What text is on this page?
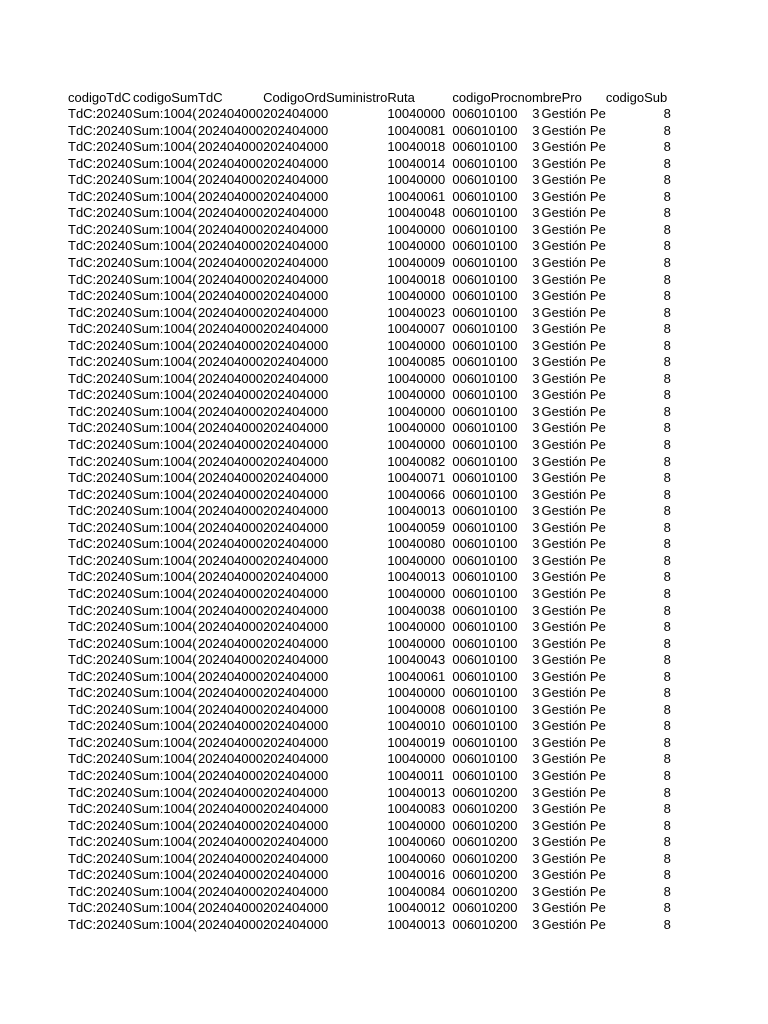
codigoTdC	codigoSum	TdC	CodigoOrdSuministro	Ruta	codigoProc	nombrePro	codigoSub
TdC:20240	Sum:1004(	202404000	202404000	10040000	006010100	3 Gestión Pe	8
TdC:20240	Sum:1004(	202404000	202404000	10040081	006010100	3 Gestión Pe	8
TdC:20240	Sum:1004(	202404000	202404000	10040018	006010100	3 Gestión Pe	8
TdC:20240	Sum:1004(	202404000	202404000	10040014	006010100	3 Gestión Pe	8
TdC:20240	Sum:1004(	202404000	202404000	10040000	006010100	3 Gestión Pe	8
TdC:20240	Sum:1004(	202404000	202404000	10040061	006010100	3 Gestión Pe	8
TdC:20240	Sum:1004(	202404000	202404000	10040048	006010100	3 Gestión Pe	8
TdC:20240	Sum:1004(	202404000	202404000	10040000	006010100	3 Gestión Pe	8
TdC:20240	Sum:1004(	202404000	202404000	10040000	006010100	3 Gestión Pe	8
TdC:20240	Sum:1004(	202404000	202404000	10040009	006010100	3 Gestión Pe	8
TdC:20240	Sum:1004(	202404000	202404000	10040018	006010100	3 Gestión Pe	8
TdC:20240	Sum:1004(	202404000	202404000	10040000	006010100	3 Gestión Pe	8
TdC:20240	Sum:1004(	202404000	202404000	10040023	006010100	3 Gestión Pe	8
TdC:20240	Sum:1004(	202404000	202404000	10040007	006010100	3 Gestión Pe	8
TdC:20240	Sum:1004(	202404000	202404000	10040000	006010100	3 Gestión Pe	8
TdC:20240	Sum:1004(	202404000	202404000	10040085	006010100	3 Gestión Pe	8
TdC:20240	Sum:1004(	202404000	202404000	10040000	006010100	3 Gestión Pe	8
TdC:20240	Sum:1004(	202404000	202404000	10040000	006010100	3 Gestión Pe	8
TdC:20240	Sum:1004(	202404000	202404000	10040000	006010100	3 Gestión Pe	8
TdC:20240	Sum:1004(	202404000	202404000	10040000	006010100	3 Gestión Pe	8
TdC:20240	Sum:1004(	202404000	202404000	10040000	006010100	3 Gestión Pe	8
TdC:20240	Sum:1004(	202404000	202404000	10040082	006010100	3 Gestión Pe	8
TdC:20240	Sum:1004(	202404000	202404000	10040071	006010100	3 Gestión Pe	8
TdC:20240	Sum:1004(	202404000	202404000	10040066	006010100	3 Gestión Pe	8
TdC:20240	Sum:1004(	202404000	202404000	10040013	006010100	3 Gestión Pe	8
TdC:20240	Sum:1004(	202404000	202404000	10040059	006010100	3 Gestión Pe	8
TdC:20240	Sum:1004(	202404000	202404000	10040080	006010100	3 Gestión Pe	8
TdC:20240	Sum:1004(	202404000	202404000	10040000	006010100	3 Gestión Pe	8
TdC:20240	Sum:1004(	202404000	202404000	10040013	006010100	3 Gestión Pe	8
TdC:20240	Sum:1004(	202404000	202404000	10040000	006010100	3 Gestión Pe	8
TdC:20240	Sum:1004(	202404000	202404000	10040038	006010100	3 Gestión Pe	8
TdC:20240	Sum:1004(	202404000	202404000	10040000	006010100	3 Gestión Pe	8
TdC:20240	Sum:1004(	202404000	202404000	10040000	006010100	3 Gestión Pe	8
TdC:20240	Sum:1004(	202404000	202404000	10040043	006010100	3 Gestión Pe	8
TdC:20240	Sum:1004(	202404000	202404000	10040061	006010100	3 Gestión Pe	8
TdC:20240	Sum:1004(	202404000	202404000	10040000	006010100	3 Gestión Pe	8
TdC:20240	Sum:1004(	202404000	202404000	10040008	006010100	3 Gestión Pe	8
TdC:20240	Sum:1004(	202404000	202404000	10040010	006010100	3 Gestión Pe	8
TdC:20240	Sum:1004(	202404000	202404000	10040019	006010100	3 Gestión Pe	8
TdC:20240	Sum:1004(	202404000	202404000	10040000	006010100	3 Gestión Pe	8
TdC:20240	Sum:1004(	202404000	202404000	10040011	006010100	3 Gestión Pe	8
TdC:20240	Sum:1004(	202404000	202404000	10040013	006010200	3 Gestión Pe	8
TdC:20240	Sum:1004(	202404000	202404000	10040083	006010200	3 Gestión Pe	8
TdC:20240	Sum:1004(	202404000	202404000	10040000	006010200	3 Gestión Pe	8
TdC:20240	Sum:1004(	202404000	202404000	10040060	006010200	3 Gestión Pe	8
TdC:20240	Sum:1004(	202404000	202404000	10040060	006010200	3 Gestión Pe	8
TdC:20240	Sum:1004(	202404000	202404000	10040016	006010200	3 Gestión Pe	8
TdC:20240	Sum:1004(	202404000	202404000	10040084	006010200	3 Gestión Pe	8
TdC:20240	Sum:1004(	202404000	202404000	10040012	006010200	3 Gestión Pe	8
TdC:20240	Sum:1004(	202404000	202404000	10040013	006010200	3 Gestión Pe	8
